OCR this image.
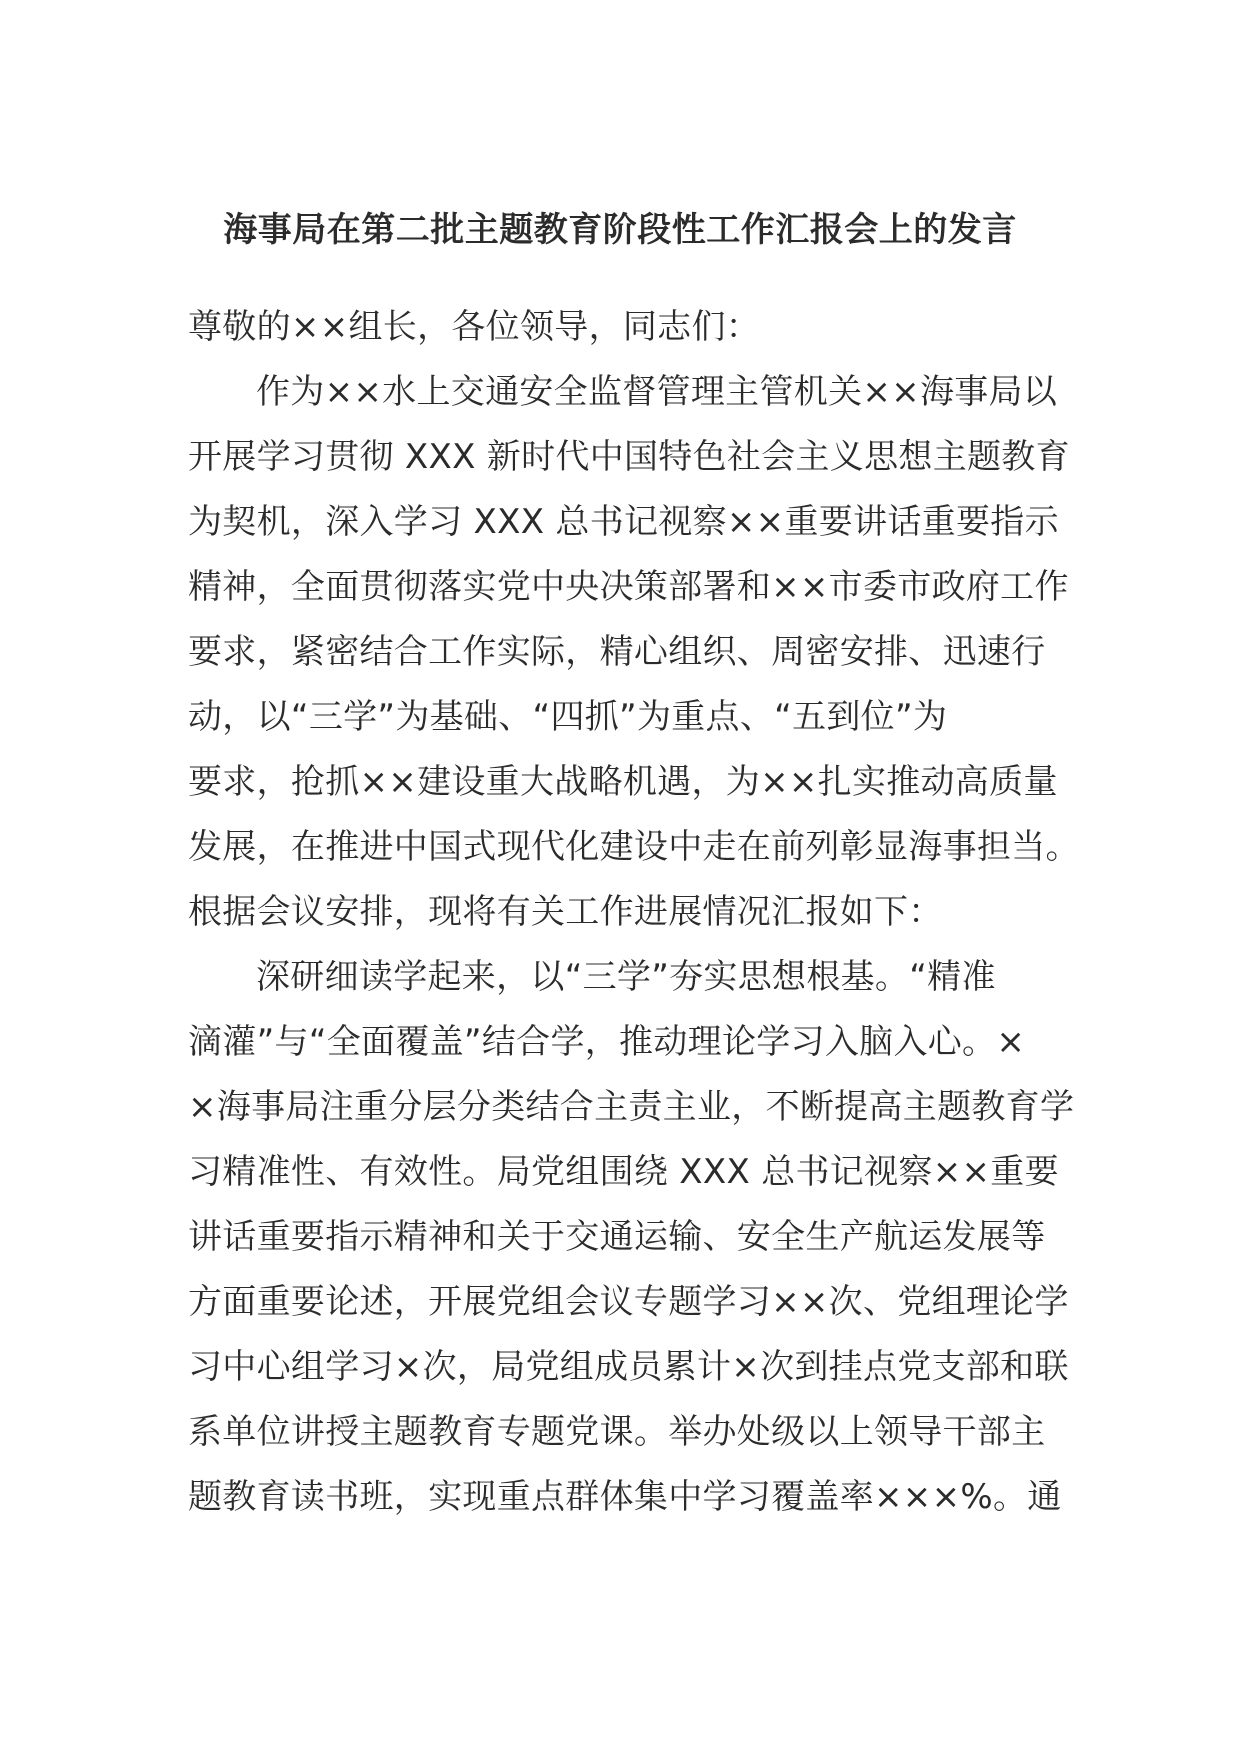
海事局在第二批主题教育阶段性工作汇报会上的发言
尊敬的××组长，各位领导，同志们：
作为××水上交通安全监督管理主管机关××海事局以
开展学习贯彻 XXX 新时代中国特色社会主义思想主题教育
为契机，深入学习 XXX 总书记视察××重要讲话重要指示
精神，全面贯彻落实党中央决策部署和××市委市政府工作
要求，紧密结合工作实际，精心组织、周密安排、迅速行
动，以“三学”为基础、“四抓”为重点、“五到位”为
要求，抢抓××建设重大战略机遇，为××扎实推动高质量
发展，在推进中国式现代化建设中走在前列彰显海事担当。
根据会议安排，现将有关工作进展情况汇报如下：
深研细读学起来，以“三学”夯实思想根基。“精准
滴灌”与“全面覆盖”结合学，推动理论学习入脑入心。×
×海事局注重分层分类结合主责主业，不断提高主题教育学
习精准性、有效性。局党组围绕 XXX 总书记视察××重要
讲话重要指示精神和关于交通运输、安全生产航运发展等
方面重要论述，开展党组会议专题学习××次、党组理论学
习中心组学习×次，局党组成员累计×次到挂点党支部和联
系单位讲授主题教育专题党课。举办处级以上领导干部主
题教育读书班，实现重点群体集中学习覆盖率×××%。通
